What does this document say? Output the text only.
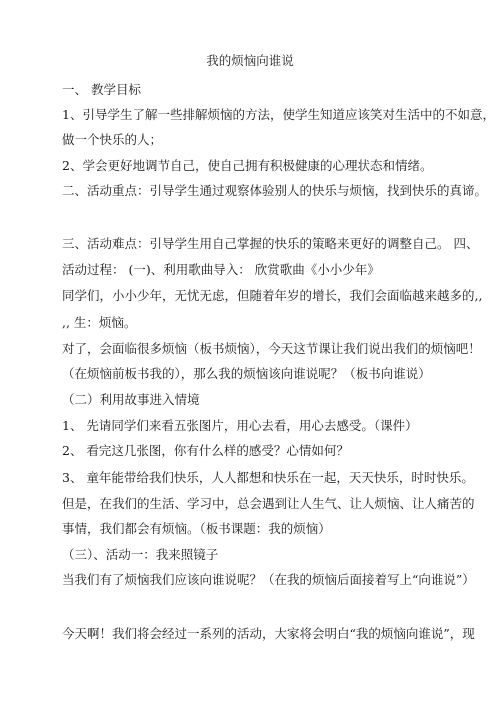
我的烦恼向谁说
一、 教学目标
1、引导学生了解一些排解烦恼的方法，使学生知道应该笑对生活中的不如意，
做一个快乐的人；
2、学会更好地调节自己，使自己拥有积极健康的心理状态和情绪。
二、活动重点：引导学生通过观察体验别人的快乐与烦恼，找到快乐的真谛。
三、活动难点：引导学生用自己掌握的快乐的策略来更好的调整自己。 四、
活动过程： (一)、利用歌曲导入： 欣赏歌曲《小小少年》
同学们，小小少年，无忧无虑，但随着年岁的增长，我们会面临越来越多的,,
,, 生：烦恼。
对了，会面临很多烦恼（板书烦恼），今天这节课让我们说出我们的烦恼吧！
（在烦恼前板书我的），那么我的烦恼该向谁说呢？（板书向谁说）
（二）利用故事进入情境
1、 先请同学们来看五张图片，用心去看，用心去感受。（课件）
2、 看完这几张图，你有什么样的感受？心情如何？
3、 童年能带给我们快乐，人人都想和快乐在一起，天天快乐，时时快乐。
但是，在我们的生活、学习中，总会遇到让人生气、让人烦恼、让人痛苦的
事情，我们都会有烦恼。（板书课题：我的烦恼）
（三）、活动一：我来照镜子
当我们有了烦恼我们应该向谁说呢？（在我的烦恼后面接着写上“向谁说”）
今天啊！我们将会经过一系列的活动，大家将会明白“我的烦恼向谁说”，现
